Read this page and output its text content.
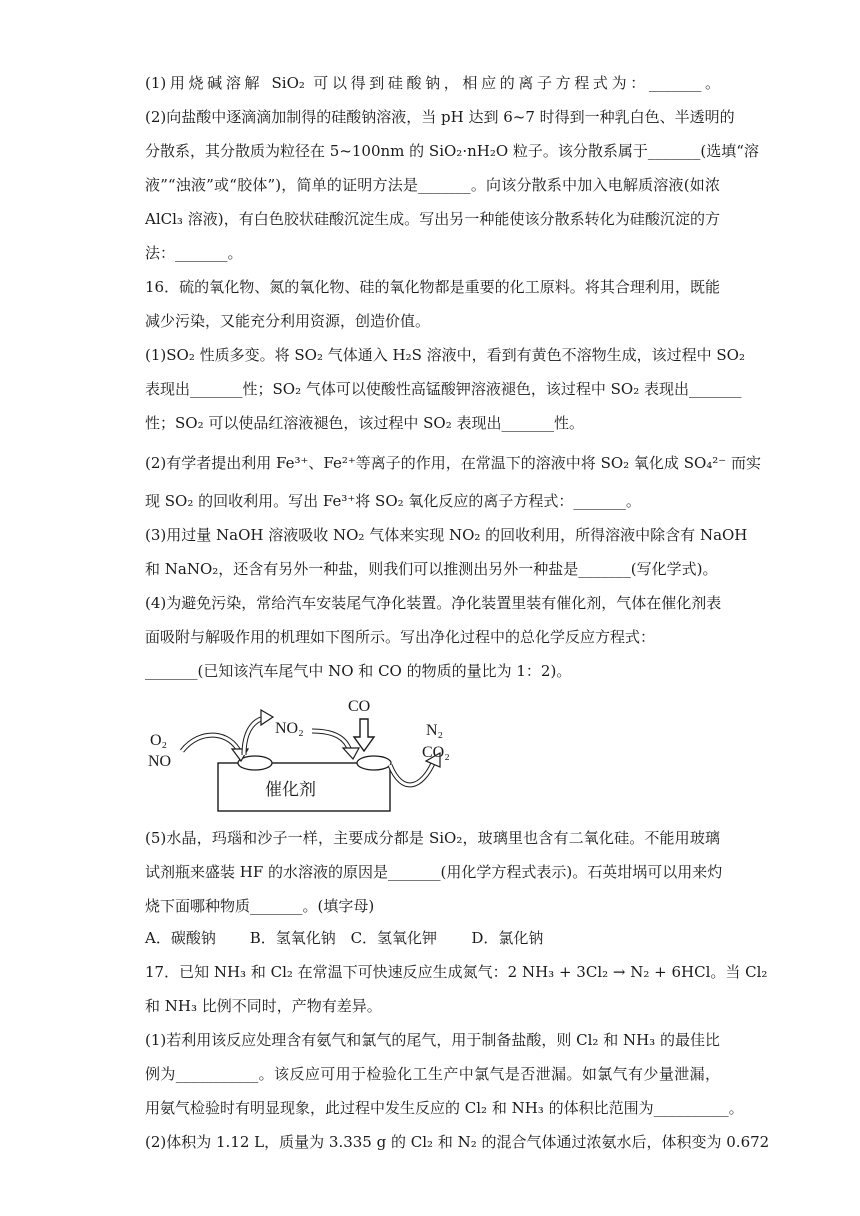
(1)用烧碱溶解 SiO₂ 可以得到硅酸钠，相应的离子方程式为：_______。
(2)向盐酸中逐滴滴加制得的硅酸钠溶液，当 pH 达到 6~7 时得到一种乳白色、半透明的
分散系，其分散质为粒径在 5~100nm 的 SiO₂·nH₂O 粒子。该分散系属于_______(选填“溶
液”“浊液”或“胶体”)，简单的证明方法是_______。向该分散系中加入电解质溶液(如浓
AlCl₃ 溶液)，有白色胶状硅酸沉淀生成。写出另一种能使该分散系转化为硅酸沉淀的方
法：_______。
16．硫的氧化物、氮的氧化物、硅的氧化物都是重要的化工原料。将其合理利用，既能
减少污染，又能充分利用资源，创造价值。
(1)SO₂ 性质多变。将 SO₂ 气体通入 H₂S 溶液中，看到有黄色不溶物生成，该过程中 SO₂
表现出_______性；SO₂ 气体可以使酸性高锰酸钾溶液褪色，该过程中 SO₂ 表现出_______
性；SO₂ 可以使品红溶液褪色，该过程中 SO₂ 表现出_______性。
(2)有学者提出利用 Fe³⁺、Fe²⁺等离子的作用，在常温下的溶液中将 SO₂ 氧化成 SO₄²⁻ 而实
现 SO₂ 的回收利用。写出 Fe³⁺将 SO₂ 氧化反应的离子方程式：_______。
(3)用过量 NaOH 溶液吸收 NO₂ 气体来实现 NO₂ 的回收利用，所得溶液中除含有 NaOH
和 NaNO₂，还含有另外一种盐，则我们可以推测出另外一种盐是_______(写化学式)。
(4)为避免污染，常给汽车安装尾气净化装置。净化装置里装有催化剂，气体在催化剂表
面吸附与解吸作用的机理如下图所示。写出净化过程中的总化学反应方程式：
_______(已知该汽车尾气中 NO 和 CO 的物质的量比为 1：2)。
催化剂
O₂
NO
NO₂
CO
N₂
CO₂
(5)水晶，玛瑙和沙子一样，主要成分都是 SiO₂，玻璃里也含有二氧化硅。不能用玻璃
试剂瓶来盛装 HF 的水溶液的原因是_______(用化学方程式表示)。石英坩埚可以用来灼
烧下面哪种物质_______。(填字母)
A．碳酸钠 B．氢氧化钠 C．氢氧化钾 D．氯化钠
17．已知 NH₃ 和 Cl₂ 在常温下可快速反应生成氮气：2 NH₃ + 3Cl₂ → N₂ + 6HCl。当 Cl₂
和 NH₃ 比例不同时，产物有差异。
(1)若利用该反应处理含有氨气和氯气的尾气，用于制备盐酸，则 Cl₂ 和 NH₃ 的最佳比
例为___________。该反应可用于检验化工生产中氯气是否泄漏。如氯气有少量泄漏，
用氨气检验时有明显现象，此过程中发生反应的 Cl₂ 和 NH₃ 的体积比范围为__________。
(2)体积为 1.12 L，质量为 3.335 g 的 Cl₂ 和 N₂ 的混合气体通过浓氨水后，体积变为 0.672
